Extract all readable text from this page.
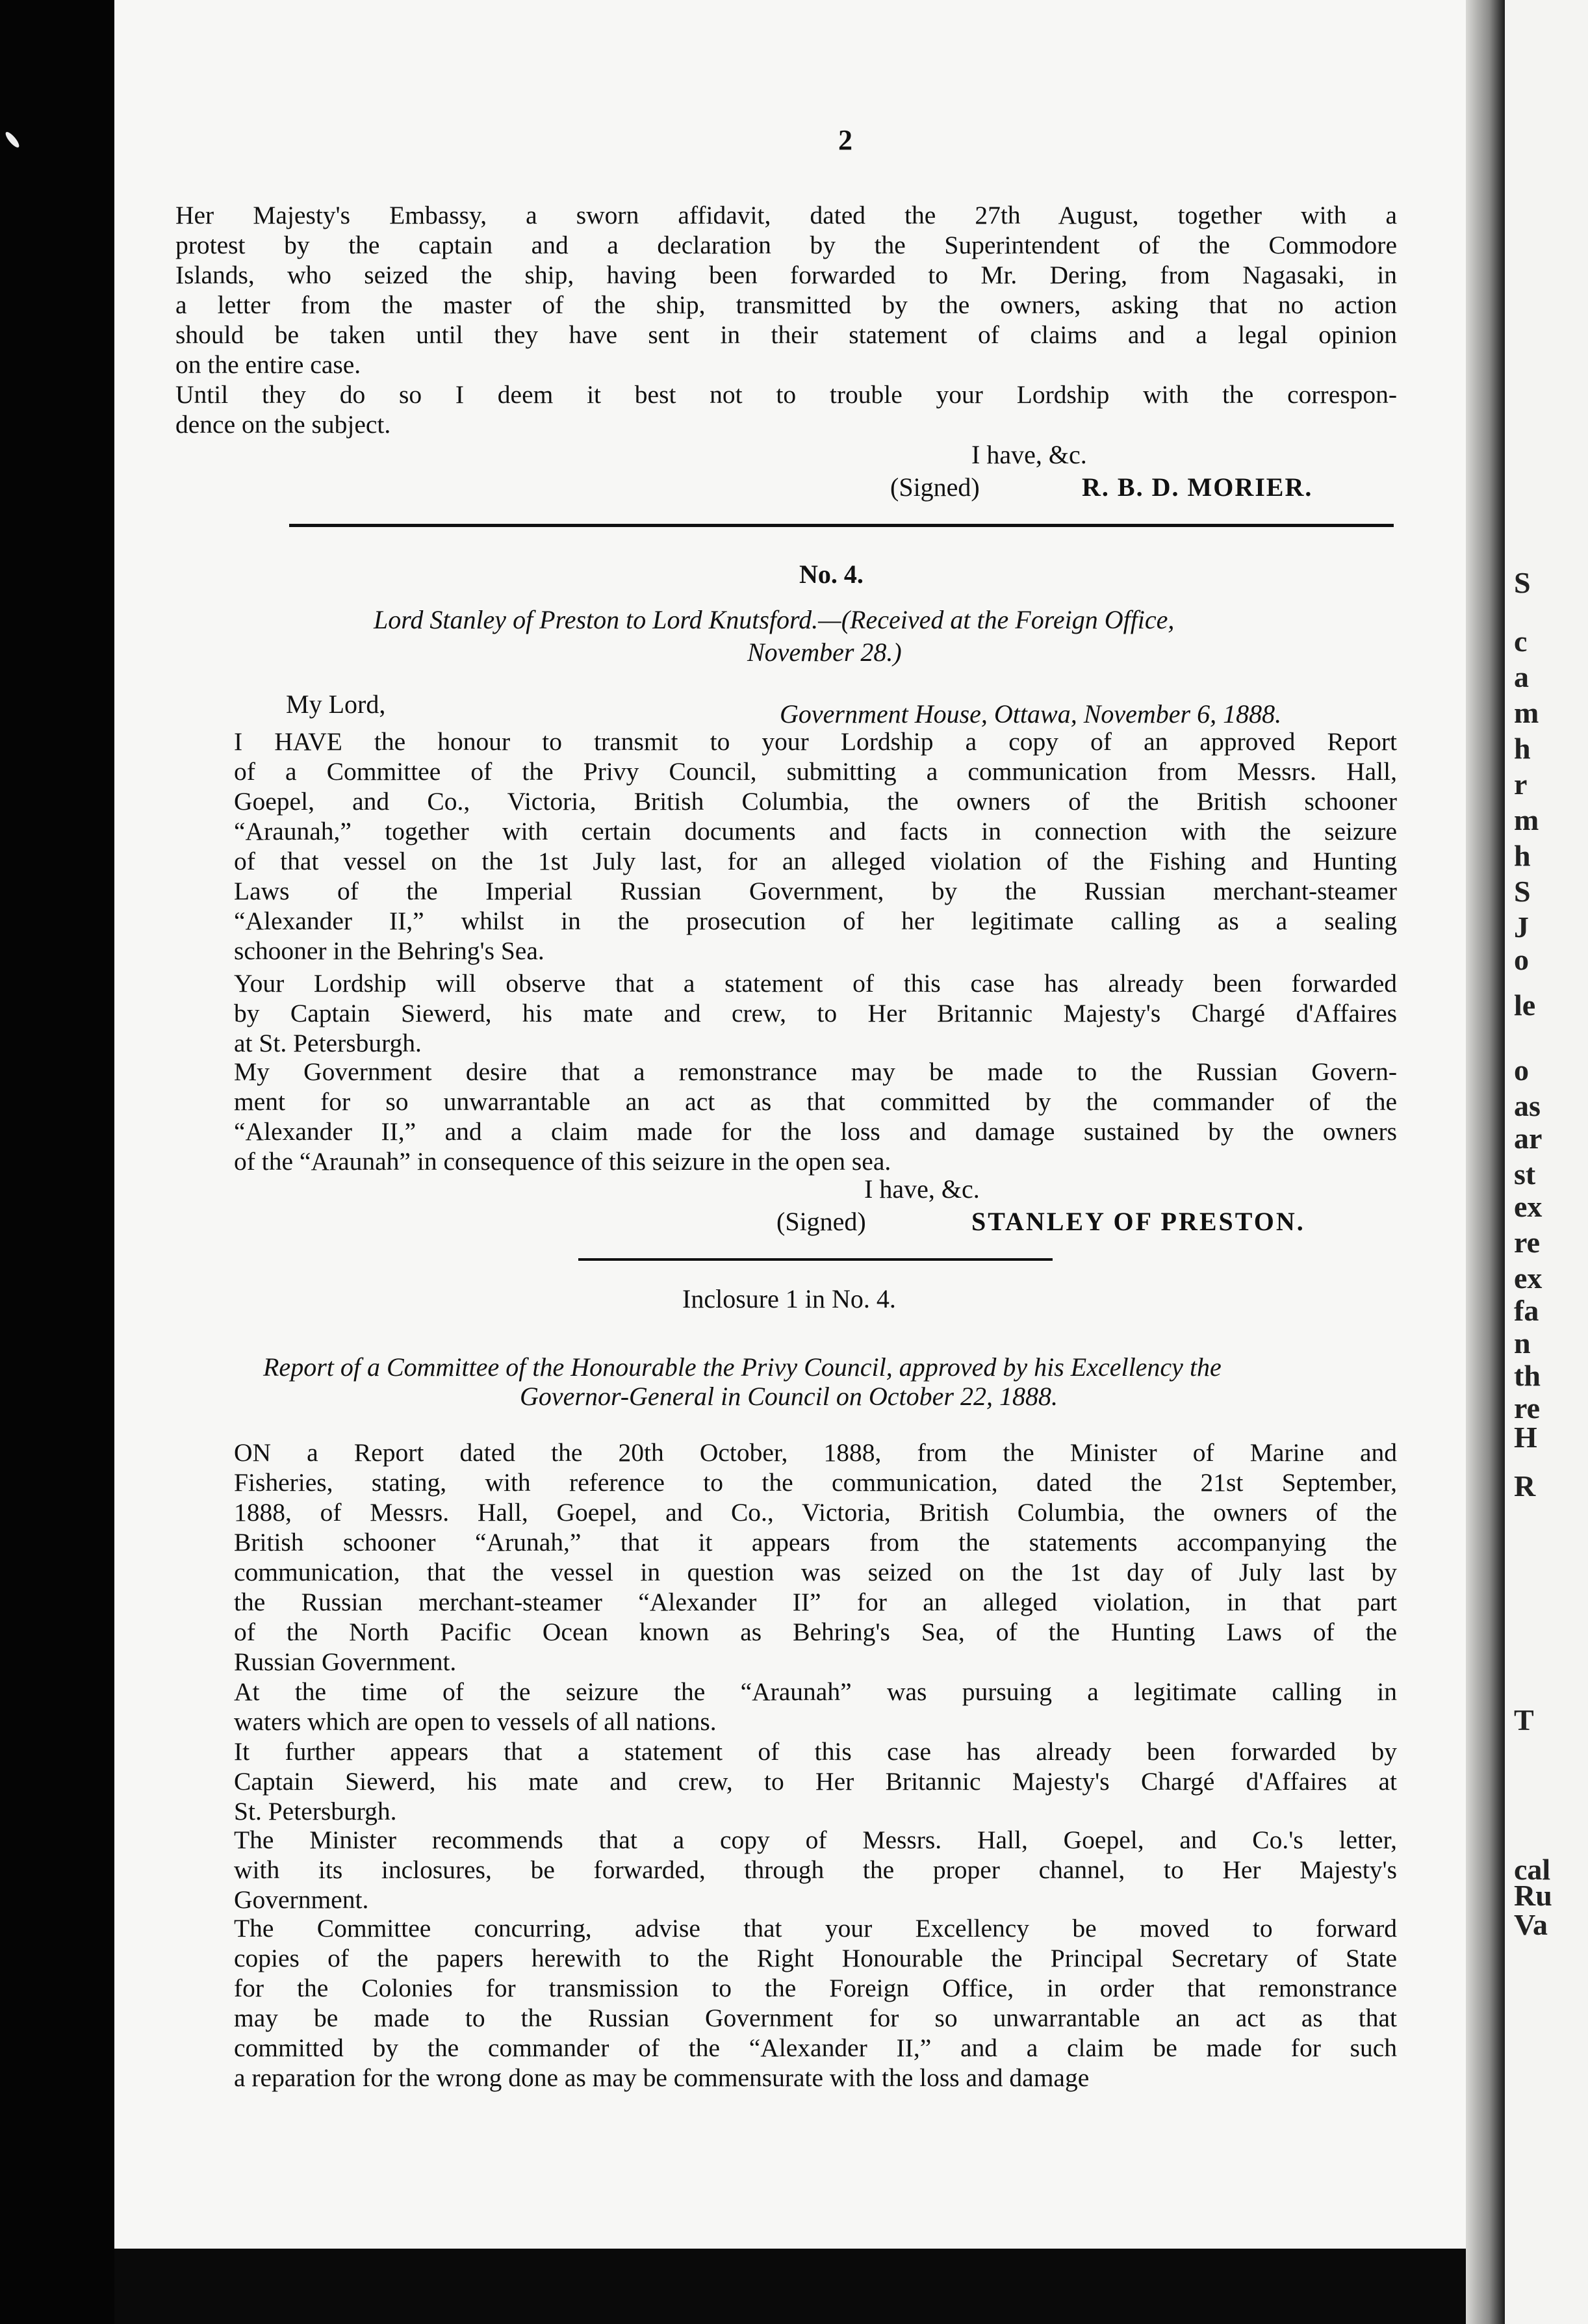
S
c
a
m
h
r
m
h
S
J
o
le
o
as
ar
st
ex
re
ex
fa
n
th
re
H
R
T
cal
Ru
Va
2
Her Majesty's Embassy, a sworn affidavit, dated the 27th August, together with a
protest by the captain and a declaration by the Superintendent of the Commodore
Islands, who seized the ship, having been forwarded to Mr. Dering, from Nagasaki, in
a letter from the master of the ship, transmitted by the owners, asking that no action
should be taken until they have sent in their statement of claims and a legal opinion
on the entire case.
Until they do so I deem it best not to trouble your Lordship with the correspon-
dence on the subject.
I have, &c.
(Signed)	R. B. D. MORIER.
No. 4.
Lord Stanley of Preston to Lord Knutsford.—(Received at the Foreign Office,
November 28.)
My Lord,	Government House, Ottawa, November 6, 1888.
I HAVE the honour to transmit to your Lordship a copy of an approved Report
of a Committee of the Privy Council, submitting a communication from Messrs. Hall,
Goepel, and Co., Victoria, British Columbia, the owners of the British schooner
“Araunah,” together with certain documents and facts in connection with the seizure
of that vessel on the 1st July last, for an alleged violation of the Fishing and Hunting
Laws of the Imperial Russian Government, by the Russian merchant-steamer
“Alexander II,” whilst in the prosecution of her legitimate calling as a sealing
schooner in the Behring's Sea.
Your Lordship will observe that a statement of this case has already been forwarded
by Captain Siewerd, his mate and crew, to Her Britannic Majesty's Chargé d'Affaires
at St. Petersburgh.
My Government desire that a remonstrance may be made to the Russian Govern-
ment for so unwarrantable an act as that committed by the commander of the
“Alexander II,” and a claim made for the loss and damage sustained by the owners
of the “Araunah” in consequence of this seizure in the open sea.
I have, &c.
(Signed)	STANLEY OF PRESTON.
Inclosure 1 in No. 4.
Report of a Committee of the Honourable the Privy Council, approved by his Excellency the
Governor-General in Council on October 22, 1888.
ON a Report dated the 20th October, 1888, from the Minister of Marine and
Fisheries, stating, with reference to the communication, dated the 21st September,
1888, of Messrs. Hall, Goepel, and Co., Victoria, British Columbia, the owners of the
British schooner “Arunah,” that it appears from the statements accompanying the
communication, that the vessel in question was seized on the 1st day of July last by
the Russian merchant-steamer “Alexander II” for an alleged violation, in that part
of the North Pacific Ocean known as Behring's Sea, of the Hunting Laws of the
Russian Government.
At the time of the seizure the “Araunah” was pursuing a legitimate calling in
waters which are open to vessels of all nations.
It further appears that a statement of this case has already been forwarded by
Captain Siewerd, his mate and crew, to Her Britannic Majesty's Chargé d'Affaires at
St. Petersburgh.
The Minister recommends that a copy of Messrs. Hall, Goepel, and Co.'s letter,
with its inclosures, be forwarded, through the proper channel, to Her Majesty's
Government.
The Committee concurring, advise that your Excellency be moved to forward
copies of the papers herewith to the Right Honourable the Principal Secretary of State
for the Colonies for transmission to the Foreign Office, in order that remonstrance
may be made to the Russian Government for so unwarrantable an act as that
committed by the commander of the “Alexander II,” and a claim be made for such
a reparation for the wrong done as may be commensurate with the loss and damage
